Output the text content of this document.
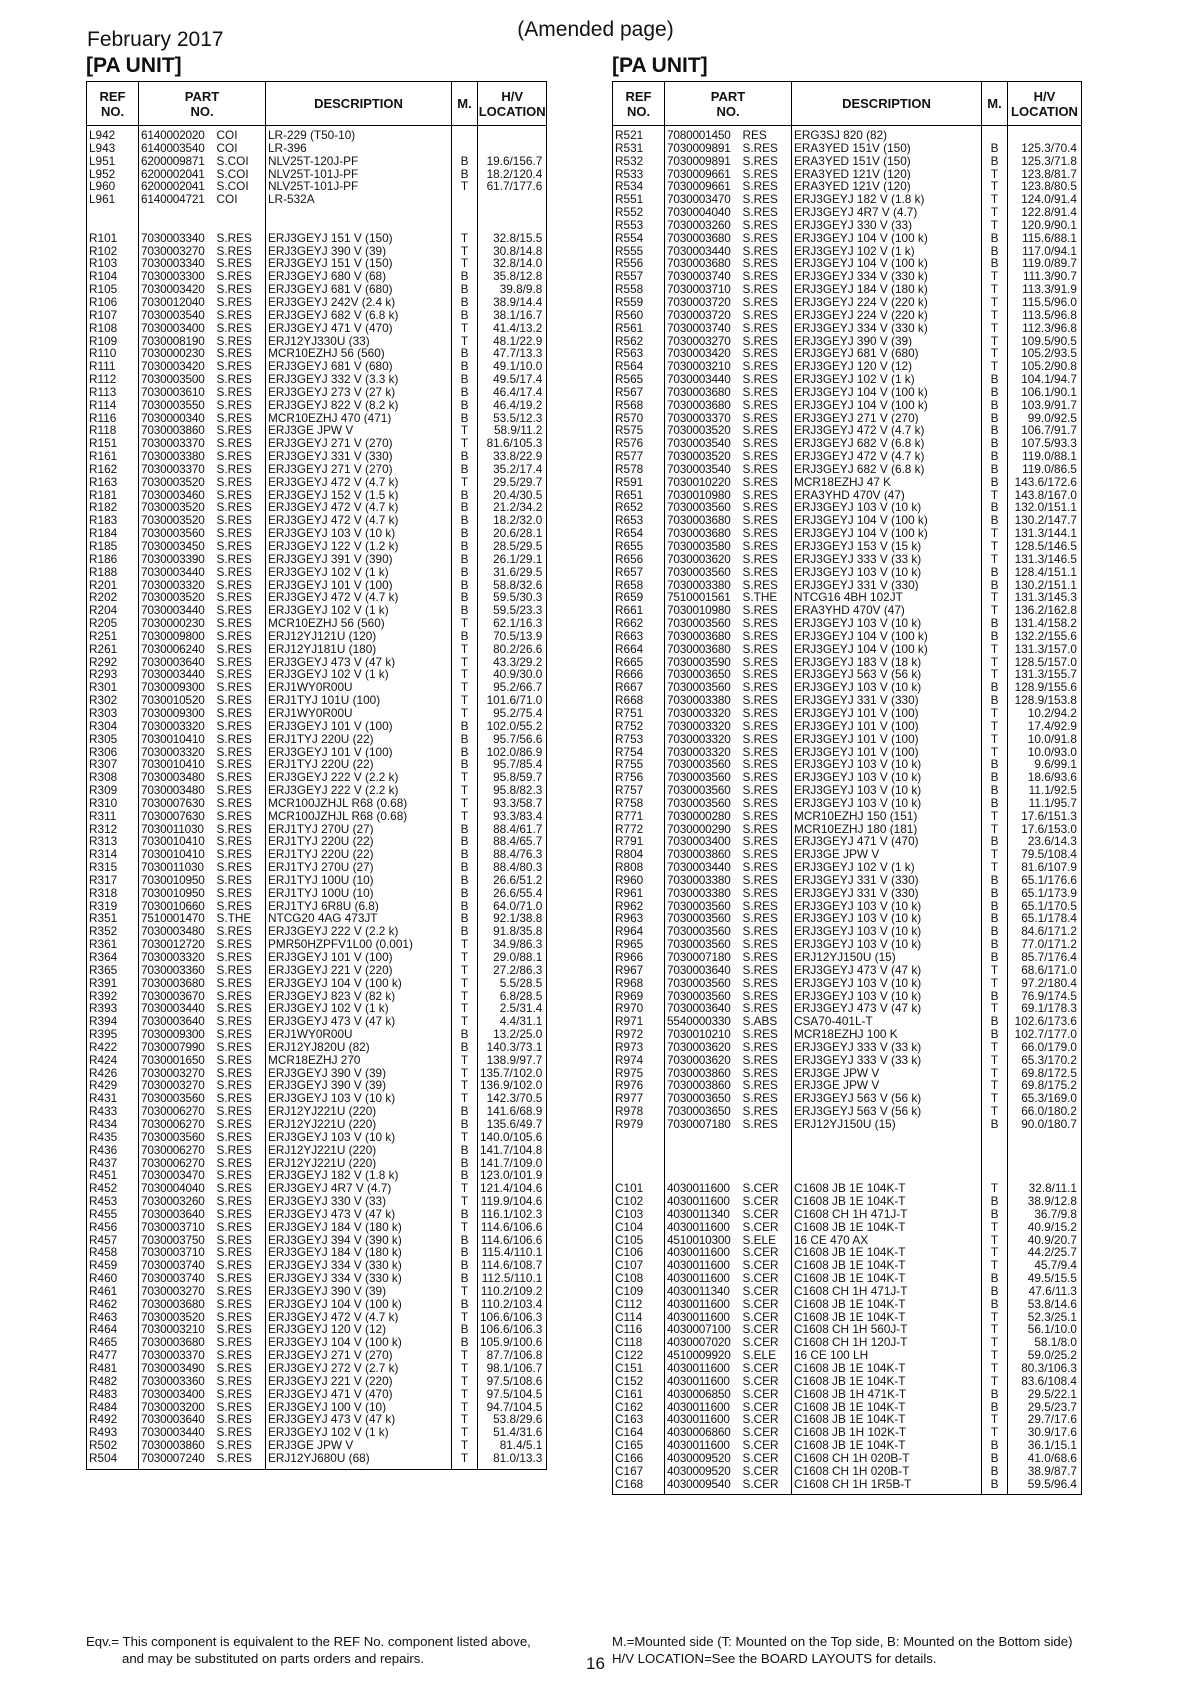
February 2017	(Amended page)
[PA UNIT]	[PA UNIT]
REF
NO.	PART
NO.		DESCRIPTION	M.	H/V
LOCATION
L942	6140002020	COI	LR-229 (T50-10)		
L943	6140003540	COI	LR-396		
L951	6200009871	S.COI	NLV25T-120J-PF	B	19.6/156.7
L952	6200002041	S.COI	NLV25T-101J-PF	B	18.2/120.4
L960	6200002041	S.COI	NLV25T-101J-PF	T	61.7/177.6
L961	6140004721	COI	LR-532A		

R101	7030003340	S.RES	ERJ3GEYJ 151 V (150)	T	32.8/15.5
R102	7030003270	S.RES	ERJ3GEYJ 390 V (39)	T	30.8/14.8
R103	7030003340	S.RES	ERJ3GEYJ 151 V (150)	T	32.8/14.0
R104	7030003300	S.RES	ERJ3GEYJ 680 V (68)	B	35.8/12.8
R105	7030003420	S.RES	ERJ3GEYJ 681 V (680)	B	39.8/9.8
R106	7030012040	S.RES	ERJ3GEYJ 242V (2.4 k)	B	38.9/14.4
R107	7030003540	S.RES	ERJ3GEYJ 682 V (6.8 k)	B	38.1/16.7
R108	7030003400	S.RES	ERJ3GEYJ 471 V (470)	T	41.4/13.2
R109	7030008190	S.RES	ERJ12YJ330U (33)	T	48.1/22.9
R110	7030000230	S.RES	MCR10EZHJ 56 (560)	B	47.7/13.3
R111	7030003420	S.RES	ERJ3GEYJ 681 V (680)	B	49.1/10.0
R112	7030003500	S.RES	ERJ3GEYJ 332 V (3.3 k)	B	49.5/17.4
R113	7030003610	S.RES	ERJ3GEYJ 273 V (27 k)	B	46.4/17.4
R114	7030003550	S.RES	ERJ3GEYJ 822 V (8.2 k)	B	46.4/19.2
R116	7030000340	S.RES	MCR10EZHJ 470 (471)	B	53.5/12.3
R118	7030003860	S.RES	ERJ3GE JPW V	T	58.9/11.2
R151	7030003370	S.RES	ERJ3GEYJ 271 V (270)	T	81.6/105.3
R161	7030003380	S.RES	ERJ3GEYJ 331 V (330)	B	33.8/22.9
R162	7030003370	S.RES	ERJ3GEYJ 271 V (270)	B	35.2/17.4
R163	7030003520	S.RES	ERJ3GEYJ 472 V (4.7 k)	T	29.5/29.7
R181	7030003460	S.RES	ERJ3GEYJ 152 V (1.5 k)	B	20.4/30.5
R182	7030003520	S.RES	ERJ3GEYJ 472 V (4.7 k)	B	21.2/34.2
R183	7030003520	S.RES	ERJ3GEYJ 472 V (4.7 k)	B	18.2/32.0
R184	7030003560	S.RES	ERJ3GEYJ 103 V (10 k)	B	20.6/28.1
R185	7030003450	S.RES	ERJ3GEYJ 122 V (1.2 k)	B	28.5/29.5
R186	7030003390	S.RES	ERJ3GEYJ 391 V (390)	B	26.1/29.1
R188	7030003440	S.RES	ERJ3GEYJ 102 V (1 k)	B	31.6/29.5
R201	7030003320	S.RES	ERJ3GEYJ 101 V (100)	B	58.8/32.6
R202	7030003520	S.RES	ERJ3GEYJ 472 V (4.7 k)	B	59.5/30.3
R204	7030003440	S.RES	ERJ3GEYJ 102 V (1 k)	B	59.5/23.3
R205	7030000230	S.RES	MCR10EZHJ 56 (560)	T	62.1/16.3
R251	7030009800	S.RES	ERJ12YJ121U (120)	B	70.5/13.9
R261	7030006240	S.RES	ERJ12YJ181U (180)	T	80.2/26.6
R292	7030003640	S.RES	ERJ3GEYJ 473 V (47 k)	T	43.3/29.2
R293	7030003440	S.RES	ERJ3GEYJ 102 V (1 k)	T	40.9/30.0
R301	7030009300	S.RES	ERJ1WY0R00U	T	95.2/66.7
R302	7030010520	S.RES	ERJ1TYJ 101U (100)	T	101.6/71.0
R303	7030009300	S.RES	ERJ1WY0R00U	T	95.2/75.4
R304	7030003320	S.RES	ERJ3GEYJ 101 V (100)	B	102.0/55.2
R305	7030010410	S.RES	ERJ1TYJ 220U (22)	B	95.7/56.6
R306	7030003320	S.RES	ERJ3GEYJ 101 V (100)	B	102.0/86.9
R307	7030010410	S.RES	ERJ1TYJ 220U (22)	B	95.7/85.4
R308	7030003480	S.RES	ERJ3GEYJ 222 V (2.2 k)	T	95.8/59.7
R309	7030003480	S.RES	ERJ3GEYJ 222 V (2.2 k)	T	95.8/82.3
R310	7030007630	S.RES	MCR100JZHJL R68 (0.68)	T	93.3/58.7
R311	7030007630	S.RES	MCR100JZHJL R68 (0.68)	T	93.3/83.4
R312	7030011030	S.RES	ERJ1TYJ 270U (27)	B	88.4/61.7
R313	7030010410	S.RES	ERJ1TYJ 220U (22)	B	88.4/65.7
R314	7030010410	S.RES	ERJ1TYJ 220U (22)	B	88.4/76.3
R315	7030011030	S.RES	ERJ1TYJ 270U (27)	B	88.4/80.3
R317	7030010950	S.RES	ERJ1TYJ 100U (10)	B	26.6/51.2
R318	7030010950	S.RES	ERJ1TYJ 100U (10)	B	26.6/55.4
R319	7030010660	S.RES	ERJ1TYJ 6R8U (6.8)	B	64.0/71.0
R351	7510001470	S.THE	NTCG20 4AG 473JT	B	92.1/38.8
R352	7030003480	S.RES	ERJ3GEYJ 222 V (2.2 k)	B	91.8/35.8
R361	7030012720	S.RES	PMR50HZPFV1L00 (0.001)	T	34.9/86.3
R364	7030003320	S.RES	ERJ3GEYJ 101 V (100)	T	29.0/88.1
R365	7030003360	S.RES	ERJ3GEYJ 221 V (220)	T	27.2/86.3
R391	7030003680	S.RES	ERJ3GEYJ 104 V (100 k)	T	5.5/28.5
R392	7030003670	S.RES	ERJ3GEYJ 823 V (82 k)	T	6.8/28.5
R393	7030003440	S.RES	ERJ3GEYJ 102 V (1 k)	T	2.5/31.4
R394	7030003640	S.RES	ERJ3GEYJ 473 V (47 k)	T	4.4/31.1
R395	7030009300	S.RES	ERJ1WY0R00U	B	13.2/25.0
R422	7030007990	S.RES	ERJ12YJ820U (82)	B	140.3/73.1
R424	7030001650	S.RES	MCR18EZHJ 270	T	138.9/97.7
R426	7030003270	S.RES	ERJ3GEYJ 390 V (39)	T	135.7/102.0
R429	7030003270	S.RES	ERJ3GEYJ 390 V (39)	T	136.9/102.0
R431	7030003560	S.RES	ERJ3GEYJ 103 V (10 k)	T	142.3/70.5
R433	7030006270	S.RES	ERJ12YJ221U (220)	B	141.6/68.9
R434	7030006270	S.RES	ERJ12YJ221U (220)	B	135.6/49.7
R435	7030003560	S.RES	ERJ3GEYJ 103 V (10 k)	T	140.0/105.6
R436	7030006270	S.RES	ERJ12YJ221U (220)	B	141.7/104.8
R437	7030006270	S.RES	ERJ12YJ221U (220)	B	141.7/109.0
R451	7030003470	S.RES	ERJ3GEYJ 182 V (1.8 k)	B	123.0/101.9
R452	7030004040	S.RES	ERJ3GEYJ 4R7 V (4.7)	T	121.4/104.6
R453	7030003260	S.RES	ERJ3GEYJ 330 V (33)	T	119.9/104.6
R455	7030003640	S.RES	ERJ3GEYJ 473 V (47 k)	B	116.1/102.3
R456	7030003710	S.RES	ERJ3GEYJ 184 V (180 k)	T	114.6/106.6
R457	7030003750	S.RES	ERJ3GEYJ 394 V (390 k)	B	114.6/106.6
R458	7030003710	S.RES	ERJ3GEYJ 184 V (180 k)	B	115.4/110.1
R459	7030003740	S.RES	ERJ3GEYJ 334 V (330 k)	B	114.6/108.7
R460	7030003740	S.RES	ERJ3GEYJ 334 V (330 k)	B	112.5/110.1
R461	7030003270	S.RES	ERJ3GEYJ 390 V (39)	T	110.2/109.2
R462	7030003680	S.RES	ERJ3GEYJ 104 V (100 k)	B	110.2/103.4
R463	7030003520	S.RES	ERJ3GEYJ 472 V (4.7 k)	T	106.6/106.3
R464	7030003210	S.RES	ERJ3GEYJ 120 V (12)	B	106.6/106.3
R465	7030003680	S.RES	ERJ3GEYJ 104 V (100 k)	B	105.9/100.6
R477	7030003370	S.RES	ERJ3GEYJ 271 V (270)	T	87.7/106.8
R481	7030003490	S.RES	ERJ3GEYJ 272 V (2.7 k)	T	98.1/106.7
R482	7030003360	S.RES	ERJ3GEYJ 221 V (220)	T	97.5/108.6
R483	7030003400	S.RES	ERJ3GEYJ 471 V (470)	T	97.5/104.5
R484	7030003200	S.RES	ERJ3GEYJ 100 V (10)	T	94.7/104.5
R492	7030003640	S.RES	ERJ3GEYJ 473 V (47 k)	T	53.8/29.6
R493	7030003440	S.RES	ERJ3GEYJ 102 V (1 k)	T	51.4/31.6
R502	7030003860	S.RES	ERJ3GE JPW V	T	81.4/5.1
R504	7030007240	S.RES	ERJ12YJ680U (68)	T	81.0/13.3
REF
NO.	PART
NO.		DESCRIPTION	M.	H/V
LOCATION
R521	7080001450	RES	ERG3SJ 820 (82)		
R531	7030009891	S.RES	ERA3YED 151V (150)	B	125.3/70.4
R532	7030009891	S.RES	ERA3YED 151V (150)	B	125.3/71.8
R533	7030009661	S.RES	ERA3YED 121V (120)	T	123.8/81.7
R534	7030009661	S.RES	ERA3YED 121V (120)	T	123.8/80.5
R551	7030003470	S.RES	ERJ3GEYJ 182 V (1.8 k)	T	124.0/91.4
R552	7030004040	S.RES	ERJ3GEYJ 4R7 V (4.7)	T	122.8/91.4
R553	7030003260	S.RES	ERJ3GEYJ 330 V (33)	T	120.9/90.1
R554	7030003680	S.RES	ERJ3GEYJ 104 V (100 k)	B	115.6/88.1
R555	7030003440	S.RES	ERJ3GEYJ 102 V (1 k)	B	117.0/94.1
R556	7030003680	S.RES	ERJ3GEYJ 104 V (100 k)	B	119.0/89.7
R557	7030003740	S.RES	ERJ3GEYJ 334 V (330 k)	T	111.3/90.7
R558	7030003710	S.RES	ERJ3GEYJ 184 V (180 k)	T	113.3/91.9
R559	7030003720	S.RES	ERJ3GEYJ 224 V (220 k)	T	115.5/96.0
R560	7030003720	S.RES	ERJ3GEYJ 224 V (220 k)	T	113.5/96.8
R561	7030003740	S.RES	ERJ3GEYJ 334 V (330 k)	T	112.3/96.8
R562	7030003270	S.RES	ERJ3GEYJ 390 V (39)	T	109.5/90.5
R563	7030003420	S.RES	ERJ3GEYJ 681 V (680)	T	105.2/93.5
R564	7030003210	S.RES	ERJ3GEYJ 120 V (12)	T	105.2/90.8
R565	7030003440	S.RES	ERJ3GEYJ 102 V (1 k)	B	104.1/94.7
R567	7030003680	S.RES	ERJ3GEYJ 104 V (100 k)	B	106.1/90.1
R568	7030003680	S.RES	ERJ3GEYJ 104 V (100 k)	B	103.9/91.7
R570	7030003370	S.RES	ERJ3GEYJ 271 V (270)	B	99.0/92.5
R575	7030003520	S.RES	ERJ3GEYJ 472 V (4.7 k)	B	106.7/91.7
R576	7030003540	S.RES	ERJ3GEYJ 682 V (6.8 k)	B	107.5/93.3
R577	7030003520	S.RES	ERJ3GEYJ 472 V (4.7 k)	B	119.0/88.1
R578	7030003540	S.RES	ERJ3GEYJ 682 V (6.8 k)	B	119.0/86.5
R591	7030010220	S.RES	MCR18EZHJ 47 K	B	143.6/172.6
R651	7030010980	S.RES	ERA3YHD 470V (47)	T	143.8/167.0
R652	7030003560	S.RES	ERJ3GEYJ 103 V (10 k)	B	132.0/151.1
R653	7030003680	S.RES	ERJ3GEYJ 104 V (100 k)	B	130.2/147.7
R654	7030003680	S.RES	ERJ3GEYJ 104 V (100 k)	T	131.3/144.1
R655	7030003580	S.RES	ERJ3GEYJ 153 V (15 k)	T	128.5/146.5
R656	7030003620	S.RES	ERJ3GEYJ 333 V (33 k)	T	131.3/146.5
R657	7030003560	S.RES	ERJ3GEYJ 103 V (10 k)	B	128.4/151.1
R658	7030003380	S.RES	ERJ3GEYJ 331 V (330)	B	130.2/151.1
R659	7510001561	S.THE	NTCG16 4BH 102JT	T	131.3/145.3
R661	7030010980	S.RES	ERA3YHD 470V (47)	T	136.2/162.8
R662	7030003560	S.RES	ERJ3GEYJ 103 V (10 k)	B	131.4/158.2
R663	7030003680	S.RES	ERJ3GEYJ 104 V (100 k)	B	132.2/155.6
R664	7030003680	S.RES	ERJ3GEYJ 104 V (100 k)	T	131.3/157.0
R665	7030003590	S.RES	ERJ3GEYJ 183 V (18 k)	T	128.5/157.0
R666	7030003650	S.RES	ERJ3GEYJ 563 V (56 k)	T	131.3/155.7
R667	7030003560	S.RES	ERJ3GEYJ 103 V (10 k)	B	128.9/155.6
R668	7030003380	S.RES	ERJ3GEYJ 331 V (330)	B	128.9/153.8
R751	7030003320	S.RES	ERJ3GEYJ 101 V (100)	T	10.2/94.2
R752	7030003320	S.RES	ERJ3GEYJ 101 V (100)	T	17.4/92.9
R753	7030003320	S.RES	ERJ3GEYJ 101 V (100)	T	10.0/91.8
R754	7030003320	S.RES	ERJ3GEYJ 101 V (100)	T	10.0/93.0
R755	7030003560	S.RES	ERJ3GEYJ 103 V (10 k)	B	9.6/99.1
R756	7030003560	S.RES	ERJ3GEYJ 103 V (10 k)	B	18.6/93.6
R757	7030003560	S.RES	ERJ3GEYJ 103 V (10 k)	B	11.1/92.5
R758	7030003560	S.RES	ERJ3GEYJ 103 V (10 k)	B	11.1/95.7
R771	7030000280	S.RES	MCR10EZHJ 150 (151)	T	17.6/151.3
R772	7030000290	S.RES	MCR10EZHJ 180 (181)	T	17.6/153.0
R791	7030003400	S.RES	ERJ3GEYJ 471 V (470)	B	23.6/14.3
R804	7030003860	S.RES	ERJ3GE JPW V	T	79.5/108.4
R808	7030003440	S.RES	ERJ3GEYJ 102 V (1 k)	T	81.6/107.9
R960	7030003380	S.RES	ERJ3GEYJ 331 V (330)	B	65.1/176.6
R961	7030003380	S.RES	ERJ3GEYJ 331 V (330)	B	65.1/173.9
R962	7030003560	S.RES	ERJ3GEYJ 103 V (10 k)	B	65.1/170.5
R963	7030003560	S.RES	ERJ3GEYJ 103 V (10 k)	B	65.1/178.4
R964	7030003560	S.RES	ERJ3GEYJ 103 V (10 k)	B	84.6/171.2
R965	7030003560	S.RES	ERJ3GEYJ 103 V (10 k)	B	77.0/171.2
R966	7030007180	S.RES	ERJ12YJ150U (15)	B	85.7/176.4
R967	7030003640	S.RES	ERJ3GEYJ 473 V (47 k)	T	68.6/171.0
R968	7030003560	S.RES	ERJ3GEYJ 103 V (10 k)	T	97.2/180.4
R969	7030003560	S.RES	ERJ3GEYJ 103 V (10 k)	B	76.9/174.5
R970	7030003640	S.RES	ERJ3GEYJ 473 V (47 k)	T	69.1/178.3
R971	5540000330	S.ABS	CSA70-401L-T	B	102.6/173.6
R972	7030010210	S.RES	MCR18EZHJ 100 K	B	102.7/177.0
R973	7030003620	S.RES	ERJ3GEYJ 333 V (33 k)	T	66.0/179.0
R974	7030003620	S.RES	ERJ3GEYJ 333 V (33 k)	T	65.3/170.2
R975	7030003860	S.RES	ERJ3GE JPW V	T	69.8/172.5
R976	7030003860	S.RES	ERJ3GE JPW V	T	69.8/175.2
R977	7030003650	S.RES	ERJ3GEYJ 563 V (56 k)	T	65.3/169.0
R978	7030003650	S.RES	ERJ3GEYJ 563 V (56 k)	T	66.0/180.2
R979	7030007180	S.RES	ERJ12YJ150U (15)	B	90.0/180.7

C101	4030011600	S.CER	C1608 JB 1E 104K-T	T	32.8/11.1
C102	4030011600	S.CER	C1608 JB 1E 104K-T	B	38.9/12.8
C103	4030011340	S.CER	C1608 CH 1H 471J-T	B	36.7/9.8
C104	4030011600	S.CER	C1608 JB 1E 104K-T	T	40.9/15.2
C105	4510010300	S.ELE	16 CE 470 AX	T	40.9/20.7
C106	4030011600	S.CER	C1608 JB 1E 104K-T	T	44.2/25.7
C107	4030011600	S.CER	C1608 JB 1E 104K-T	T	45.7/9.4
C108	4030011600	S.CER	C1608 JB 1E 104K-T	B	49.5/15.5
C109	4030011340	S.CER	C1608 CH 1H 471J-T	B	47.6/11.3
C112	4030011600	S.CER	C1608 JB 1E 104K-T	B	53.8/14.6
C114	4030011600	S.CER	C1608 JB 1E 104K-T	T	52.3/25.1
C116	4030007100	S.CER	C1608 CH 1H 560J-T	T	56.1/10.0
C118	4030007020	S.CER	C1608 CH 1H 120J-T	T	58.1/8.0
C122	4510009920	S.ELE	16 CE 100 LH	T	59.0/25.2
C151	4030011600	S.CER	C1608 JB 1E 104K-T	T	80.3/106.3
C152	4030011600	S.CER	C1608 JB 1E 104K-T	T	83.6/108.4
C161	4030006850	S.CER	C1608 JB 1H 471K-T	B	29.5/22.1
C162	4030011600	S.CER	C1608 JB 1E 104K-T	B	29.5/23.7
C163	4030011600	S.CER	C1608 JB 1E 104K-T	T	29.7/17.6
C164	4030006860	S.CER	C1608 JB 1H 102K-T	T	30.9/17.6
C165	4030011600	S.CER	C1608 JB 1E 104K-T	B	36.1/15.1
C166	4030009520	S.CER	C1608 CH 1H 020B-T	B	41.0/68.6
C167	4030009520	S.CER	C1608 CH 1H 020B-T	B	38.9/87.7
C168	4030009540	S.CER	C1608 CH 1H 1R5B-T	B	59.5/96.4
Eqv.= This component is equivalent to the REF No. component listed above,
and may be substituted on parts orders and repairs.
M.=Mounted side (T: Mounted on the Top side, B: Mounted on the Bottom side)
H/V LOCATION=See the BOARD LAYOUTS for details.
16
